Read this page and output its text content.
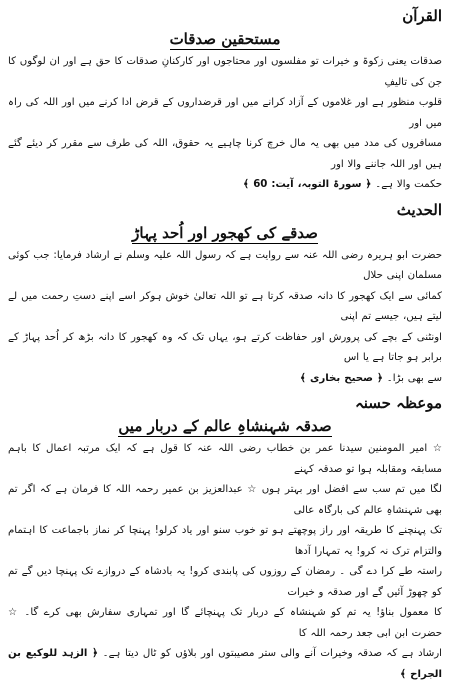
القرآن
مستحقین صدقات

صدقات یعنی زکوۃ و خیرات تو مفلسوں اور محتاجوں اور کارکنانِ صدقات کا حق ہے اور ان لوگوں کا جن کی تالیفِ

قلوب منظور ہے اور غلاموں کے آزاد کرانے میں اور قرضداروں کے قرض ادا کرنے میں اور اللہ کی راہ میں اور

مسافروں کی مدد میں بھی یہ مال خرچ کرنا چاہیے یہ حقوق، اللہ کی طرف سے مقرر کر دیئے گئے ہیں اور اللہ جاننے والا اور

حکمت والا ہے۔ ﴿ سورۃ التوبہ، آیت: 60 ﴾

الحدیث
صدقے کی کھجور اور اُحد پہاڑ

حضرت ابو ہریرہ رضی اللہ عنہ سے روایت ہے کہ رسول اللہ علیہ وسلم نے ارشاد فرمایا: جب کوئی مسلمان اپنی حلال

کمائی سے ایک کھجور کا دانہ صدقہ کرتا ہے تو اللہ تعالیٰ خوش ہوکر اسے اپنے دستِ رحمت میں لے لیتے ہیں، جیسے تم اپنی

اونٹنی کے بچے کی پرورش اور حفاظت کرتے ہو، یہاں تک کہ وہ کھجور کا دانہ بڑھ کر اُحد پہاڑ کے برابر ہو جاتا ہے یا اس

سے بھی بڑا۔ ﴿ صحیح بخاری ﴾

موعظہ حسنہ
صدقہ شہنشاہِ عالم کے دربار میں

☆ امیر المومنین سیدنا عمر بن خطاب رضی اللہ عنہ کا قول ہے کہ ایک مرتبہ اعمال کا باہم مسابقہ ومقابلہ ہوا تو صدقہ کہنے

لگا میں تم سب سے افضل اور بہتر ہوں ☆ عبدالعزیز بن عمیر رحمہ اللہ کا فرمان ہے کہ اگر تم بھی شہنشاہِ عالم کی بارگاہ عالی

تک پہنچنے کا طریقہ اور راز پوچھتے ہو تو خوب سنو اور یاد کرلو! پہنچا کر نماز باجماعت کا اہتمام والتزام ترک نہ کرو! یہ تمہارا آدھا

راستہ طے کرا دے گی ۔ رمضان کے روزوں کی پابندی کرو! یہ بادشاہ کے دروازے تک پہنچا دیں گے تم کو چھوڑ آئیں گے اور صدقہ و خیرات

کا معمول بناؤ! یہ تم کو شہنشاہ کے دربار تک پہنچائے گا اور تمہاری سفارش بھی کرے گا۔ ☆ حضرت ابن ابی جعد رحمہ اللہ کا

ارشاد ہے کہ صدقہ وخیرات آنے والی ستر مصیبتوں اور بلاؤں کو ٹال دیتا ہے۔ ﴿ الزہد للوکیع بن الجراح ﴾
